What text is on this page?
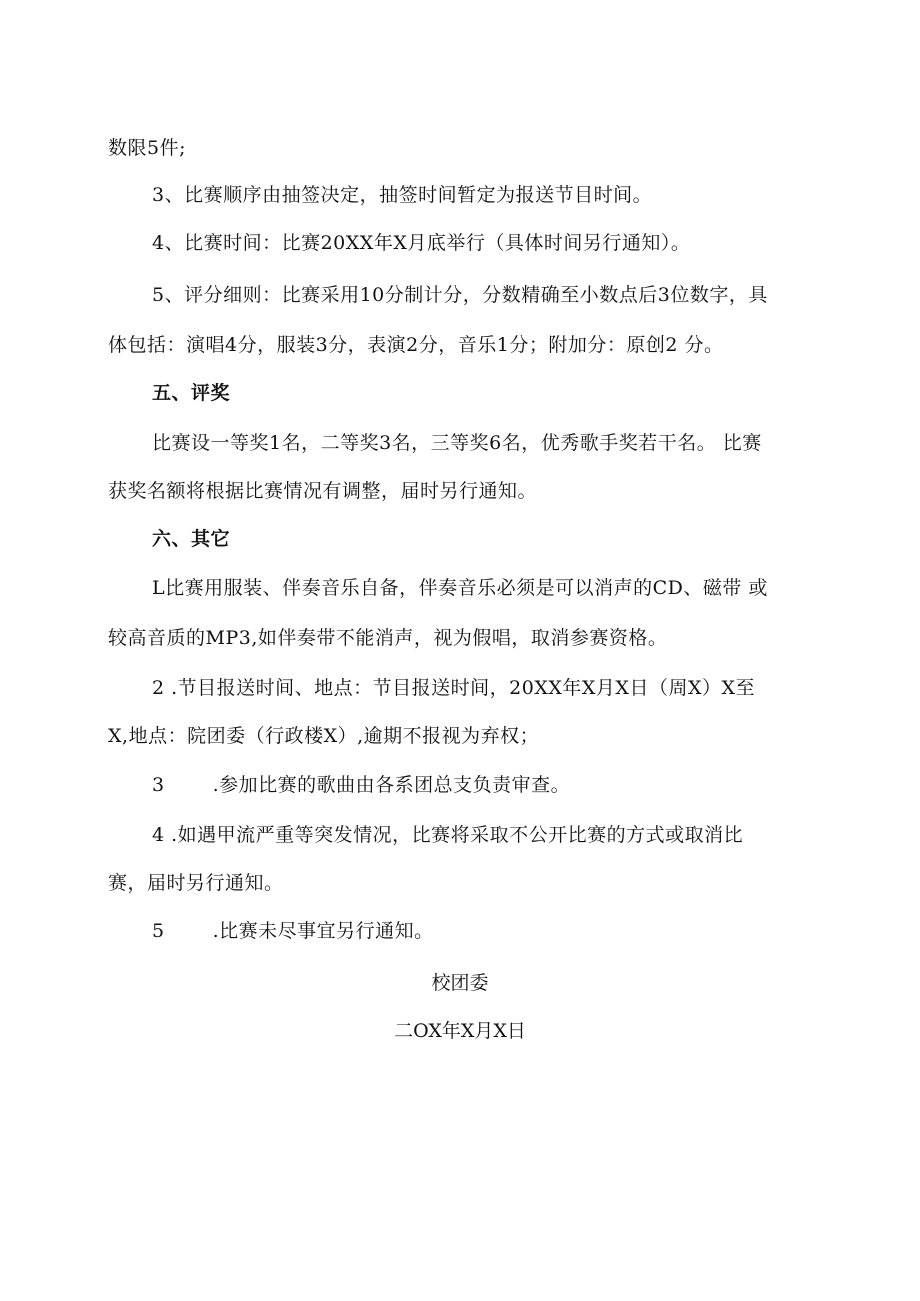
数限5件;
3、比赛顺序由抽签决定，抽签时间暂定为报送节目时间。
4、比赛时间：比赛20XX年X月底举行（具体时间另行通知）。
5、评分细则：比赛采用10分制计分，分数精确至小数点后3位数字，具
体包括：演唱4分，服装3分，表演2分，音乐1分；附加分：原创2 分。
五、评奖
比赛设一等奖1名，二等奖3名，三等奖6名，优秀歌手奖若干名。 比赛
获奖名额将根据比赛情况有调整，届时另行通知。
六、其它
L比赛用服装、伴奏音乐自备，伴奏音乐必须是可以消声的CD、磁带 或
较高音质的MP3,如伴奏带不能消声，视为假唱，取消参赛资格。
2 .节目报送时间、地点：节目报送时间，20XX年X月X日（周X）X至
X,地点：院团委（行政楼X）,逾期不报视为弃权；
3	.参加比赛的歌曲由各系团总支负责审查。
4 .如遇甲流严重等突发情况，比赛将采取不公开比赛的方式或取消比
赛，届时另行通知。
5	.比赛未尽事宜另行通知。
校团委
二OX年X月X日
